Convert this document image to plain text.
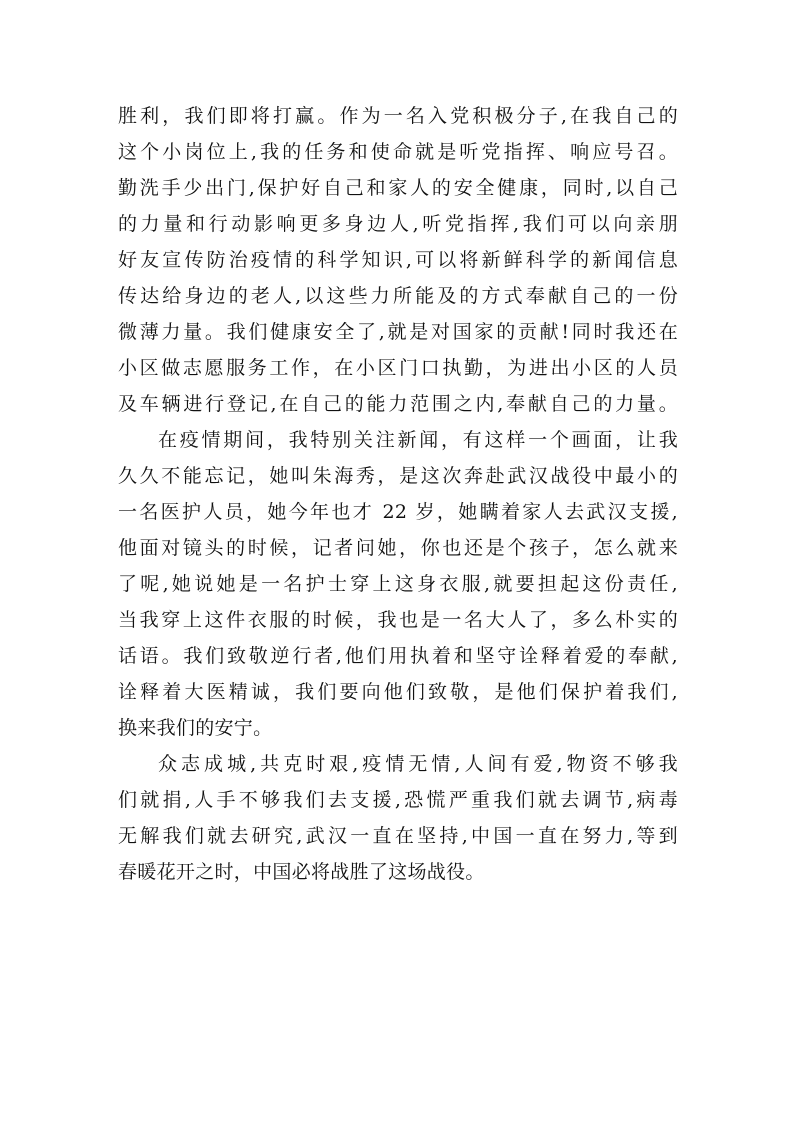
胜利，我们即将打赢。作为一名入党积极分子,在我自己的
这个小岗位上,我的任务和使命就是听党指挥、响应号召。
勤洗手少出门,保护好自己和家人的安全健康，同时,以自己
的力量和行动影响更多身边人,听党指挥,我们可以向亲朋
好友宣传防治疫情的科学知识,可以将新鲜科学的新闻信息
传达给身边的老人,以这些力所能及的方式奉献自己的一份
微薄力量。我们健康安全了,就是对国家的贡献!同时我还在
小区做志愿服务工作，在小区门口执勤，为进出小区的人员
及车辆进行登记,在自己的能力范围之内,奉献自己的力量。
在疫情期间，我特别关注新闻，有这样一个画面，让我
久久不能忘记，她叫朱海秀，是这次奔赴武汉战役中最小的
一名医护人员，她今年也才 22 岁，她瞒着家人去武汉支援,
他面对镜头的时候，记者问她，你也还是个孩子，怎么就来
了呢,她说她是一名护士穿上这身衣服,就要担起这份责任,
当我穿上这件衣服的时候，我也是一名大人了，多么朴实的
话语。我们致敬逆行者,他们用执着和坚守诠释着爱的奉献,
诠释着大医精诚，我们要向他们致敬，是他们保护着我们,
换来我们的安宁。
众志成城,共克时艰,疫情无情,人间有爱,物资不够我
们就捐,人手不够我们去支援,恐慌严重我们就去调节,病毒
无解我们就去研究,武汉一直在坚持,中国一直在努力,等到
春暖花开之时，中国必将战胜了这场战役。
